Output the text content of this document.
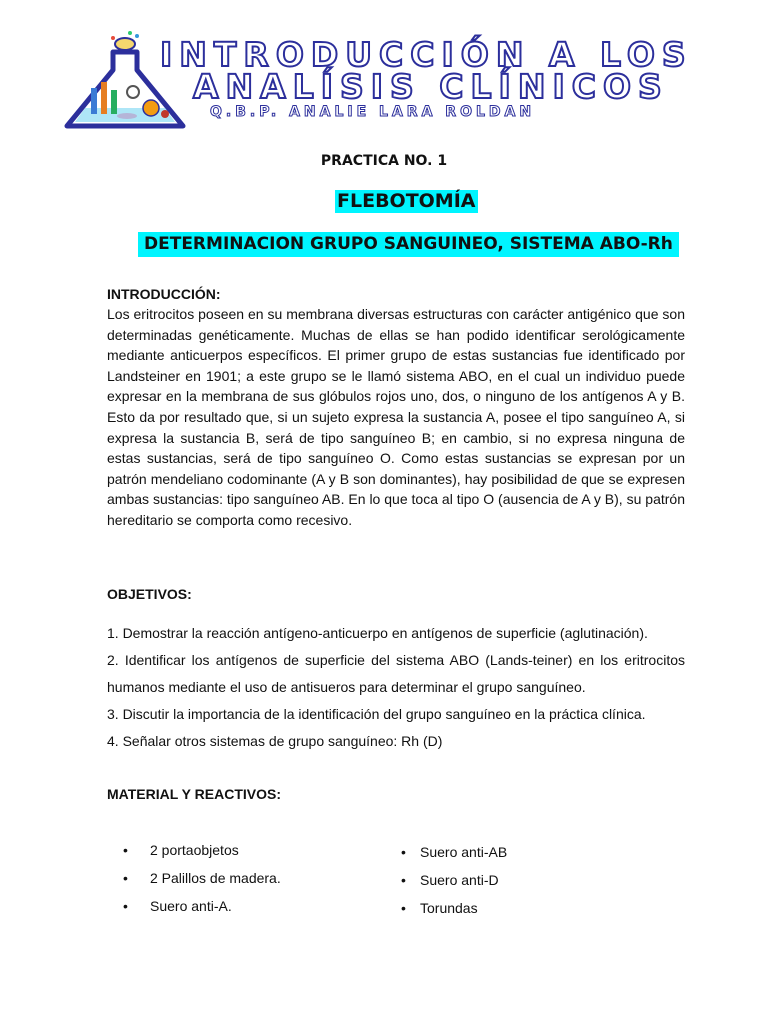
INTRODUCCIÓN A LOS
ANALÍSIS CLÍNICOS
Q.B.P. ANALIE LARA ROLDAN
PRACTICA NO. 1
FLEBOTOMÍA
DETERMINACION GRUPO SANGUINEO, SISTEMA ABO-Rh
INTRODUCCIÓN:

Los eritrocitos poseen en su membrana diversas estructuras con carácter antigénico que son determinadas genéticamente. Muchas de ellas se han podido identificar serológicamente mediante anticuerpos específicos. El primer grupo de estas sustancias fue identificado por Landsteiner en 1901; a este grupo se le llamó sistema ABO, en el cual un individuo puede expresar en la membrana de sus glóbulos rojos uno, dos, o ninguno de los antígenos A y B. Esto da por resultado que, si un sujeto expresa la sustancia A, posee el tipo sanguíneo A, si expresa la sustancia B, será de tipo sanguíneo B; en cambio, si no expresa ninguna de estas sustancias, será de tipo sanguíneo O. Como estas sustancias se expresan por un patrón mendeliano codominante (A y B son dominantes), hay posibilidad de que se expresen ambas sustancias: tipo sanguíneo AB. En lo que toca al tipo O (ausencia de A y B), su patrón hereditario se comporta como recesivo.

OBJETIVOS:

1. Demostrar la reacción antígeno-anticuerpo en antígenos de superficie (aglutinación).

2. Identificar los antígenos de superficie del sistema ABO (Lands-teiner) en los eritrocitos humanos mediante el uso de antisueros para determinar el grupo sanguíneo.

3. Discutir la importancia de la identificación del grupo sanguíneo en la práctica clínica.

4. Señalar otros sistemas de grupo sanguíneo: Rh (D)

MATERIAL Y REACTIVOS:
• 2 portaobjetos
• 2 Palillos de madera.
• Suero anti-A.
• Suero anti-AB
• Suero anti-D
• Torundas
